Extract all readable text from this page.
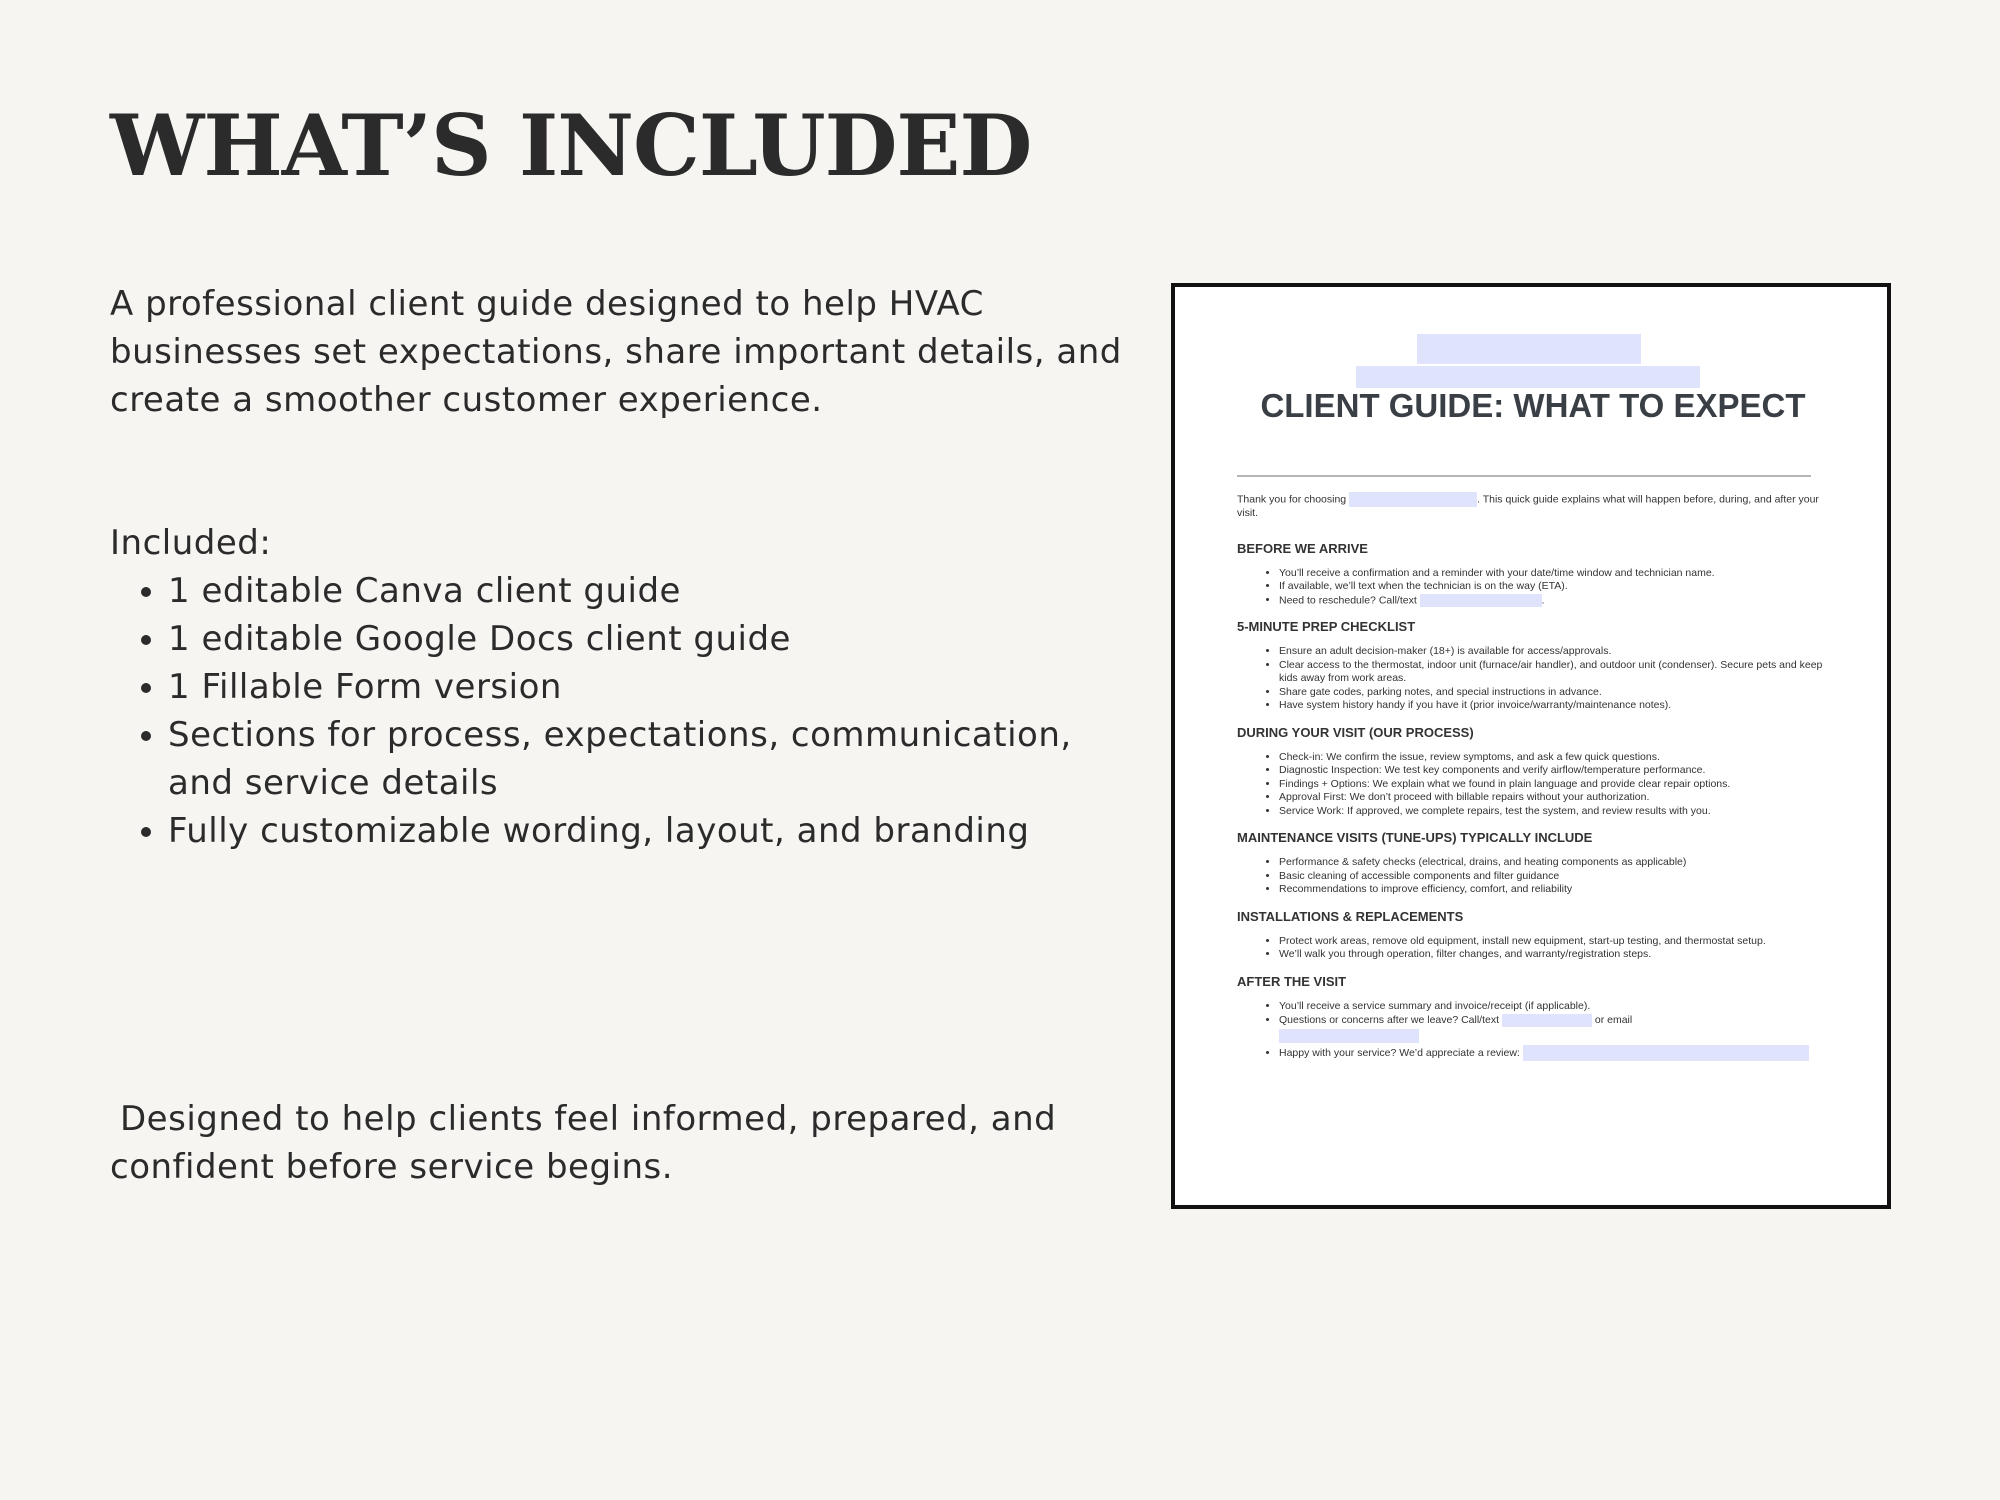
WHAT’S INCLUDED

A professional client guide designed to help HVAC businesses set expectations, share important details, and create a smoother customer experience.

Included:

• 1 editable Canva client guide
• 1 editable Google Docs client guide
• 1 Fillable Form version
• Sections for process, expectations, communication, and service details
• Fully customizable wording, layout, and branding

Designed to help clients feel informed, prepared, and confident before service begins.

CLIENT GUIDE: WHAT TO EXPECT

Thank you for choosing	. This quick guide explains what will happen before, during, and after your visit.

BEFORE WE ARRIVE

• You’ll receive a confirmation and a reminder with your date/time window and technician name.
• If available, we’ll text when the technician is on the way (ETA).
• Need to reschedule? Call/text	.

5-MINUTE PREP CHECKLIST

• Ensure an adult decision-maker (18+) is available for access/approvals.
• Clear access to the thermostat, indoor unit (furnace/air handler), and outdoor unit (condenser). Secure pets and keep kids away from work areas.
• Share gate codes, parking notes, and special instructions in advance.
• Have system history handy if you have it (prior invoice/warranty/maintenance notes).

DURING YOUR VISIT (OUR PROCESS)

• Check-in: We confirm the issue, review symptoms, and ask a few quick questions.
• Diagnostic Inspection: We test key components and verify airflow/temperature performance.
• Findings + Options: We explain what we found in plain language and provide clear repair options.
• Approval First: We don’t proceed with billable repairs without your authorization.
• Service Work: If approved, we complete repairs, test the system, and review results with you.

MAINTENANCE VISITS (TUNE-UPS) TYPICALLY INCLUDE

• Performance & safety checks (electrical, drains, and heating components as applicable)
• Basic cleaning of accessible components and filter guidance
• Recommendations to improve efficiency, comfort, and reliability

INSTALLATIONS & REPLACEMENTS

• Protect work areas, remove old equipment, install new equipment, start-up testing, and thermostat setup.
• We’ll walk you through operation, filter changes, and warranty/registration steps.

AFTER THE VISIT

• You’ll receive a service summary and invoice/receipt (if applicable).
• Questions or concerns after we leave? Call/text	or email

• Happy with your service? We’d appreciate a review:
